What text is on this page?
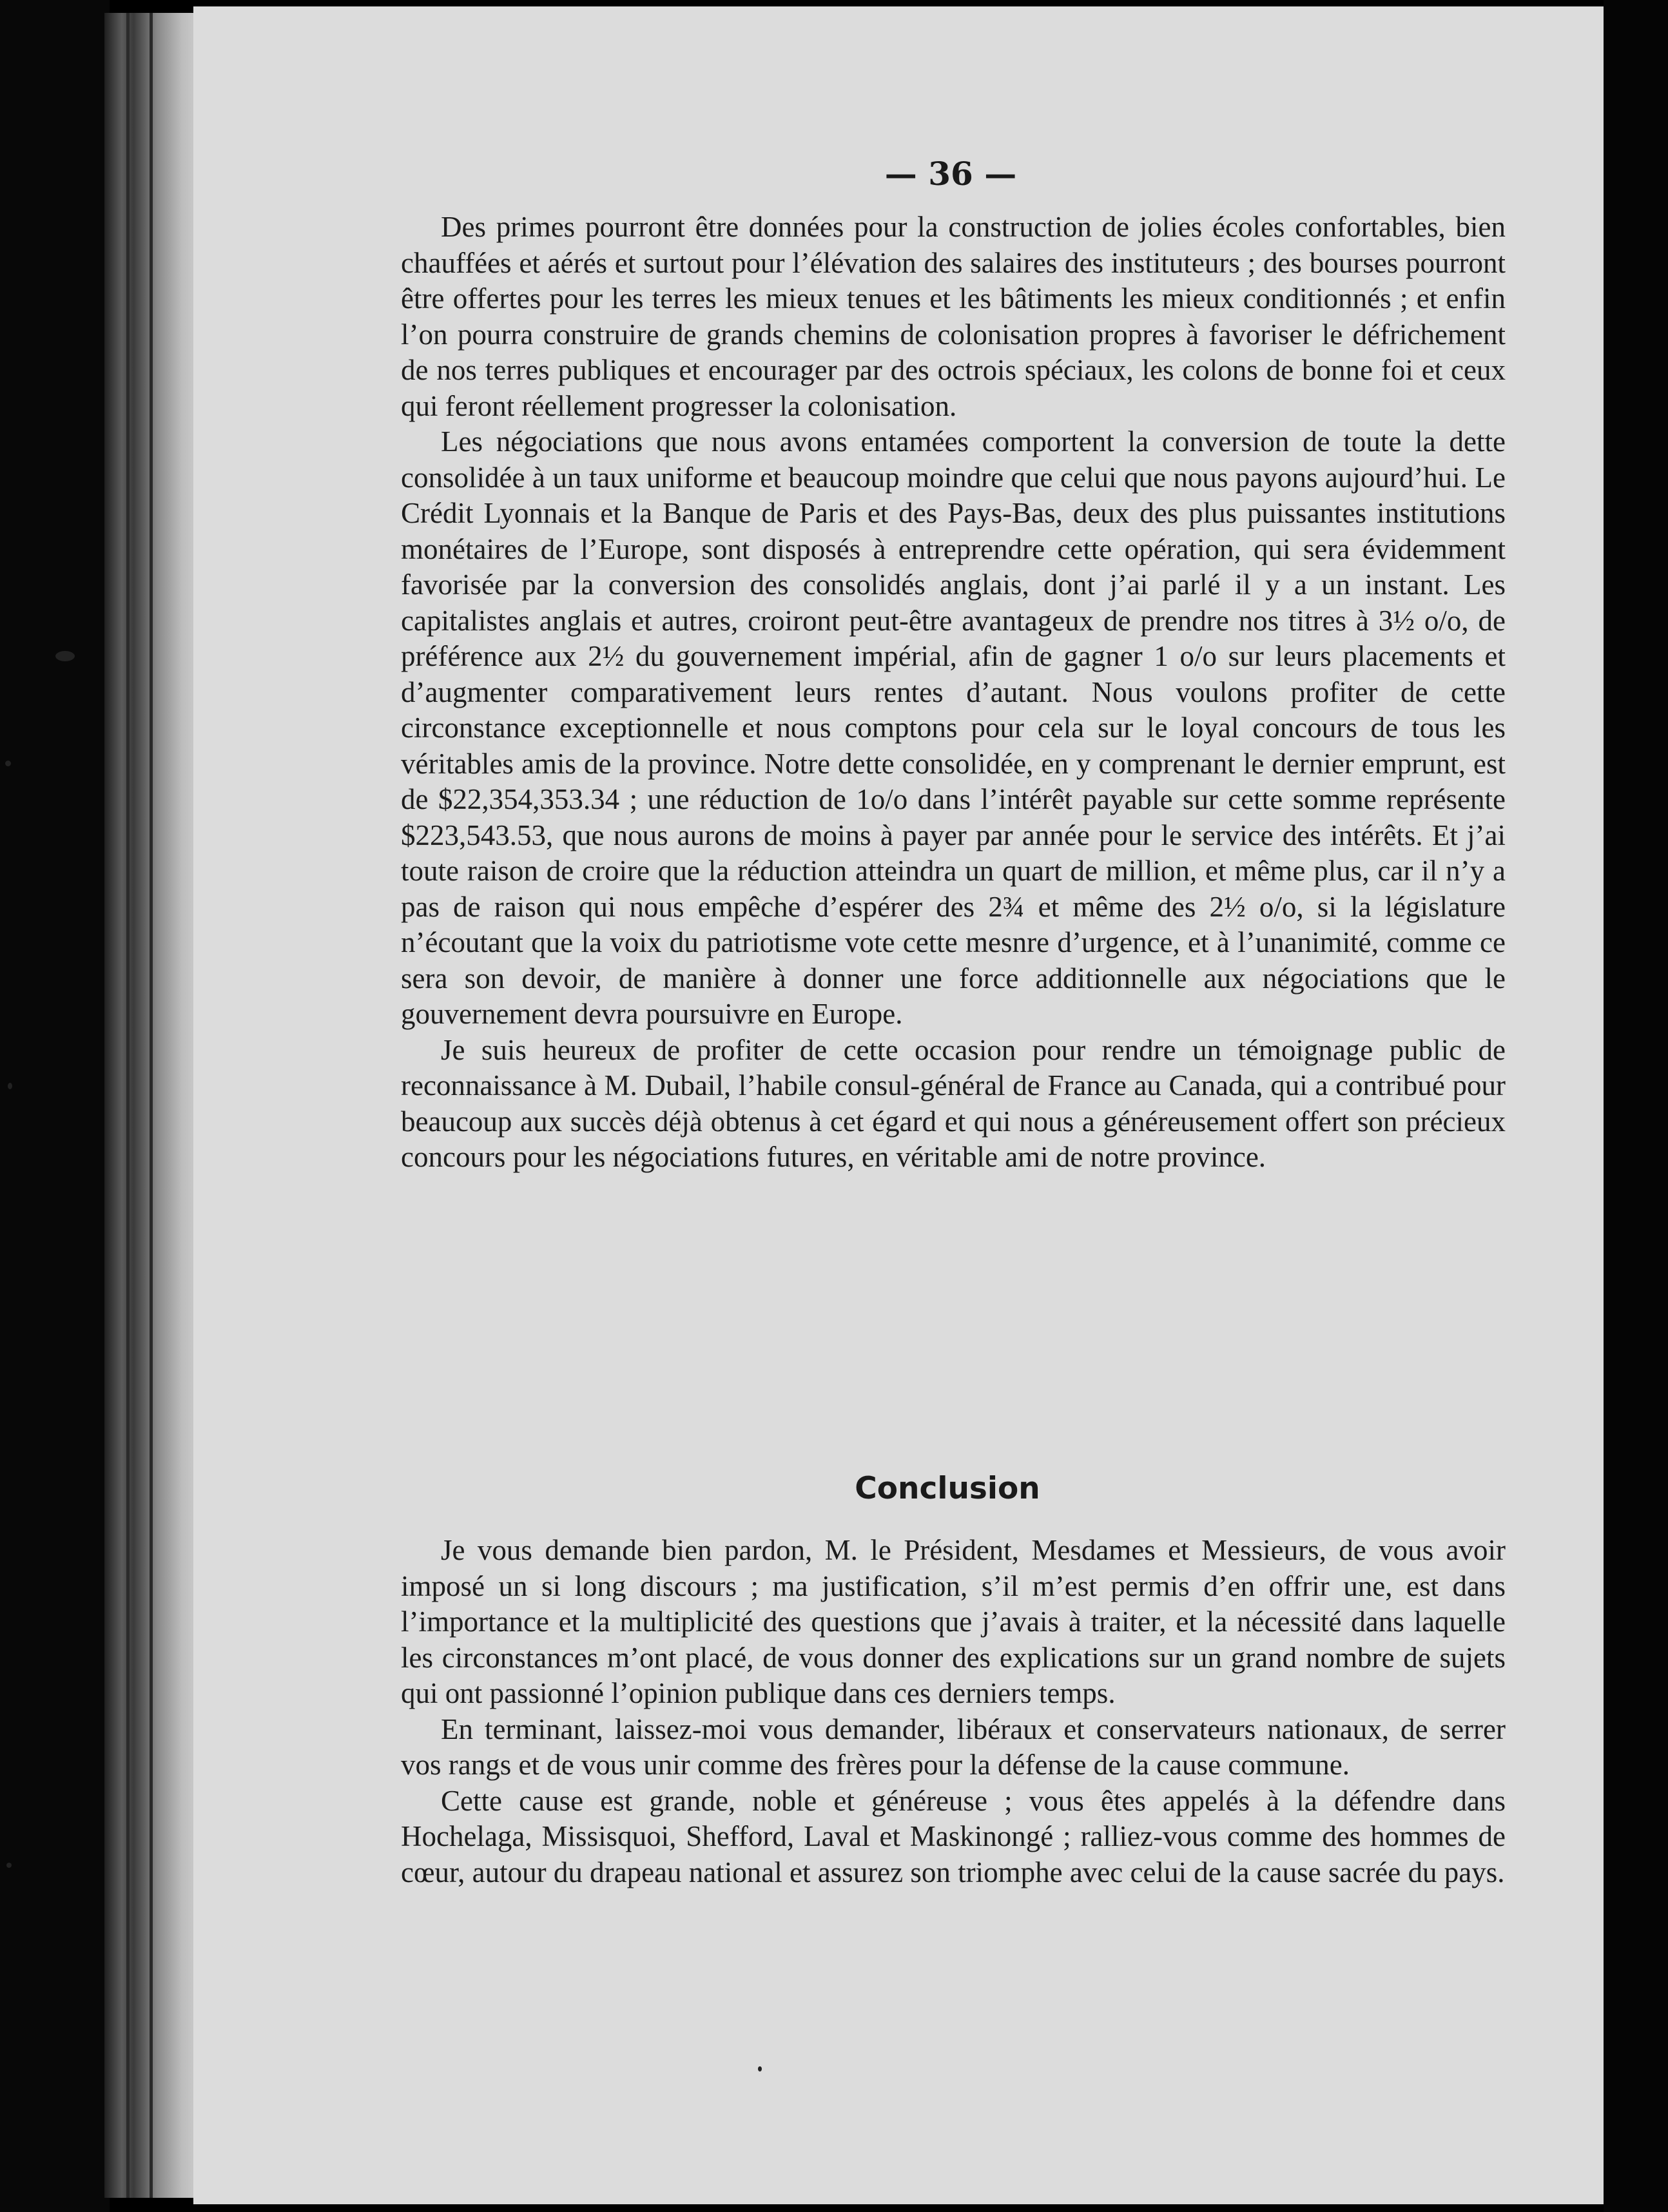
— 36 —

Des primes pourront être données pour la construction de jolies écoles confortables, bien chauffées et aérés et surtout pour l’élévation des salaires des instituteurs ; des bourses pourront être offertes pour les terres les mieux tenues et les bâtiments les mieux conditionnés ; et enfin l’on pourra construire de grands chemins de colonisation propres à favoriser le défrichement de nos terres publiques et encourager par des octrois spéciaux, les colons de bonne foi et ceux qui feront réellement progresser la colonisation.

Les négociations que nous avons entamées comportent la conversion de toute la dette consolidée à un taux uniforme et beaucoup moindre que celui que nous payons aujourd’hui. Le Crédit Lyonnais et la Banque de Paris et des Pays-Bas, deux des plus puissantes institutions monétaires de l’Europe, sont disposés à entreprendre cette opération, qui sera évidemment favorisée par la conversion des consolidés anglais, dont j’ai parlé il y a un instant. Les capitalistes anglais et autres, croiront peut-être avantageux de prendre nos titres à 3½ o/o, de préférence aux 2½ du gouvernement impérial, afin de gagner 1 o/o sur leurs placements et d’augmenter comparativement leurs rentes d’autant. Nous voulons profiter de cette circonstance exceptionnelle et nous comptons pour cela sur le loyal concours de tous les véritables amis de la province. Notre dette consolidée, en y comprenant le dernier emprunt, est de $22,354,353.34 ; une réduction de 1o/o dans l’intérêt payable sur cette somme représente $223,543.53, que nous aurons de moins à payer par année pour le service des intérêts. Et j’ai toute raison de croire que la réduction atteindra un quart de million, et même plus, car il n’y a pas de raison qui nous empêche d’espérer des 2¾ et même des 2½ o/o, si la législature n’écoutant que la voix du patriotisme vote cette mesnre d’urgence, et à l’unanimité, comme ce sera son devoir, de manière à donner une force additionnelle aux négociations que le gouvernement devra poursuivre en Europe.

Je suis heureux de profiter de cette occasion pour rendre un témoignage public de reconnaissance à M. Dubail, l’habile consul-général de France au Canada, qui a contribué pour beaucoup aux succès déjà obtenus à cet égard et qui nous a généreusement offert son précieux concours pour les négociations futures, en véritable ami de notre province.

Conclusion

Je vous demande bien pardon, M. le Président, Mesdames et Messieurs, de vous avoir imposé un si long discours ; ma justification, s’il m’est permis d’en offrir une, est dans l’importance et la multiplicité des questions que j’avais à traiter, et la nécessité dans laquelle les circonstances m’ont placé, de vous donner des explications sur un grand nombre de sujets qui ont passionné l’opinion publique dans ces derniers temps.

En terminant, laissez-moi vous demander, libéraux et conservateurs nationaux, de serrer vos rangs et de vous unir comme des frères pour la défense de la cause commune.

Cette cause est grande, noble et généreuse ; vous êtes appelés à la défendre dans Hochelaga, Missisquoi, Shefford, Laval et Maskinongé ; ralliez-vous comme des hommes de cœur, autour du drapeau national et assurez son triomphe avec celui de la cause sacrée du pays.
